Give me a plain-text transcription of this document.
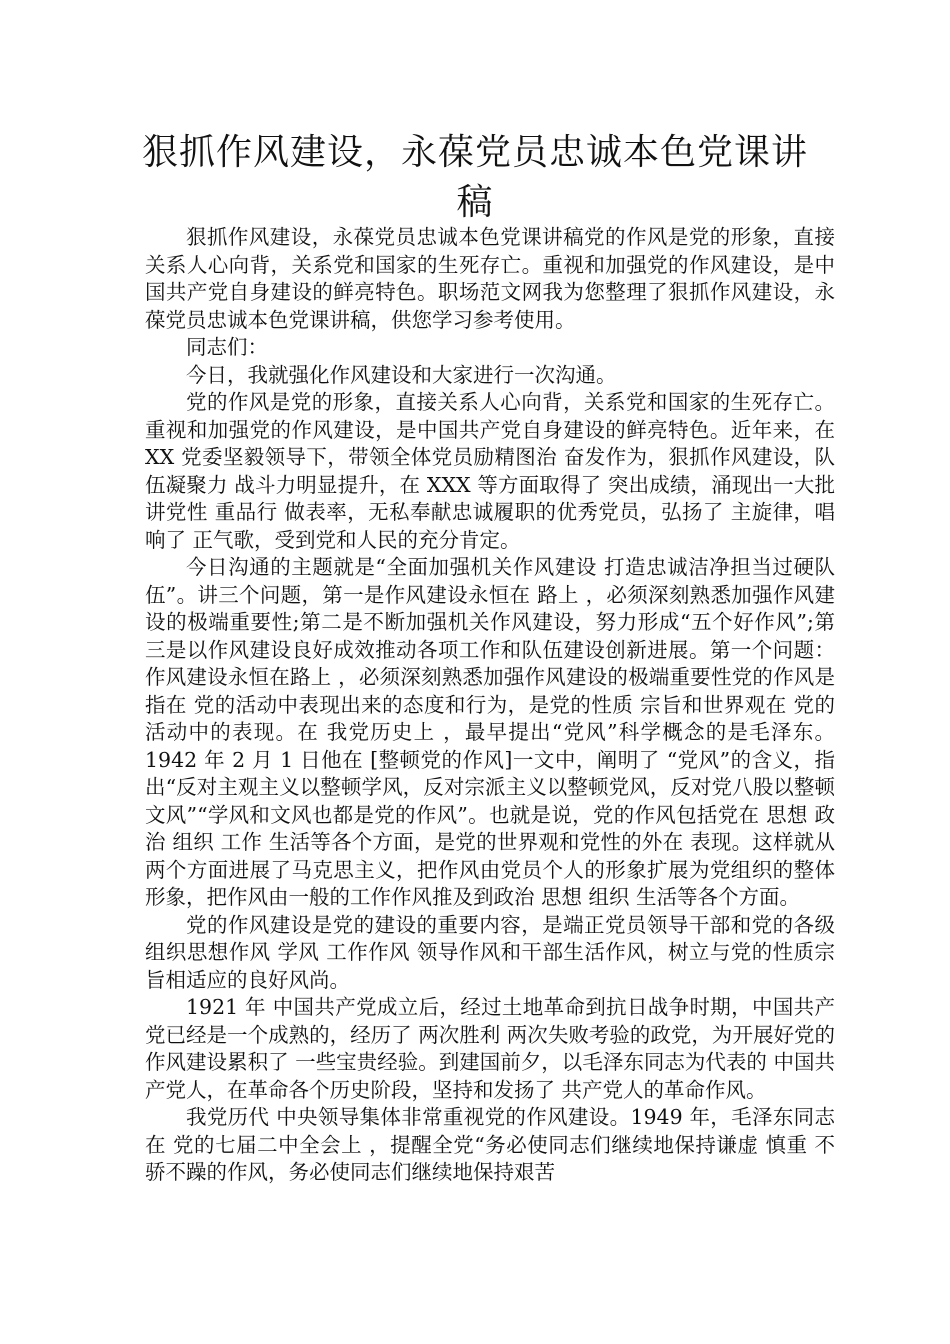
狠抓作风建设，永葆党员忠诚本色党课讲稿

狠抓作风建设，永葆党员忠诚本色党课讲稿党的作风是党的形象，直接关系人心向背，关系党和国家的生死存亡。重视和加强党的作风建设，是中国共产党自身建设的鲜亮特色。职场范文网我为您整理了狠抓作风建设，永葆党员忠诚本色党课讲稿，供您学习参考使用。

同志们：

今日，我就强化作风建设和大家进行一次沟通。

党的作风是党的形象，直接关系人心向背，关系党和国家的生死存亡。重视和加强党的作风建设，是中国共产党自身建设的鲜亮特色。近年来，在 XX 党委坚毅领导下，带领全体党员励精图治 奋发作为，狠抓作风建设，队伍凝聚力 战斗力明显提升，在 XXX 等方面取得了 突出成绩，涌现出一大批讲党性 重品行 做表率，无私奉献忠诚履职的优秀党员，弘扬了 主旋律，唱响了 正气歌，受到党和人民的充分肯定。

今日沟通的主题就是“全面加强机关作风建设 打造忠诚洁净担当过硬队伍”。讲三个问题，第一是作风建设永恒在 路上 ，必须深刻熟悉加强作风建设的极端重要性;第二是不断加强机关作风建设，努力形成“五个好作风”;第三是以作风建设良好成效推动各项工作和队伍建设创新进展。第一个问题：作风建设永恒在路上 ，必须深刻熟悉加强作风建设的极端重要性党的作风是指在 党的活动中表现出来的态度和行为，是党的性质 宗旨和世界观在 党的活动中的表现。在 我党历史上 ，最早提出“党风”科学概念的是毛泽东。1942 年 2 月 1 日他在 [整顿党的作风]一文中，阐明了 “党风”的含义，指出“反对主观主义以整顿学风，反对宗派主义以整顿党风，反对党八股以整顿文风”“学风和文风也都是党的作风”。也就是说，党的作风包括党在 思想 政治 组织 工作 生活等各个方面，是党的世界观和党性的外在 表现。这样就从两个方面进展了马克思主义，把作风由党员个人的形象扩展为党组织的整体形象，把作风由一般的工作作风推及到政治 思想 组织 生活等各个方面。

党的作风建设是党的建设的重要内容，是端正党员领导干部和党的各级组织思想作风 学风 工作作风 领导作风和干部生活作风，树立与党的性质宗旨相适应的良好风尚。

1921 年 中国共产党成立后，经过土地革命到抗日战争时期，中国共产党已经是一个成熟的，经历了 两次胜利 两次失败考验的政党，为开展好党的作风建设累积了 一些宝贵经验。到建国前夕，以毛泽东同志为代表的 中国共产党人，在革命各个历史阶段，坚持和发扬了 共产党人的革命作风。

我党历代 中央领导集体非常重视党的作风建设。1949 年，毛泽东同志在 党的七届二中全会上 ，提醒全党“务必使同志们继续地保持谦虚 慎重 不骄不躁的作风，务必使同志们继续地保持艰苦
